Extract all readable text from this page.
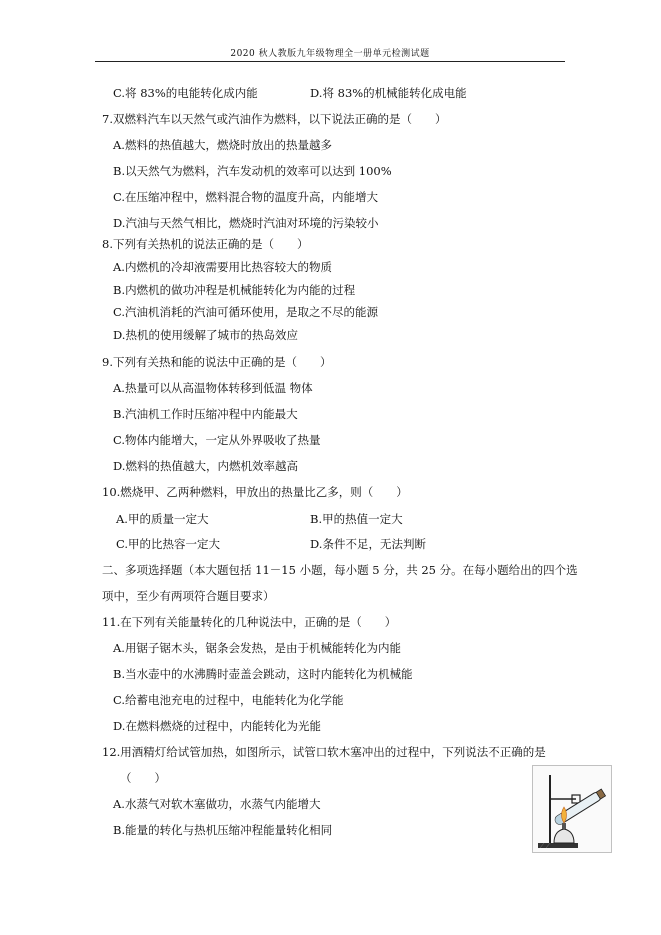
2020 秋人教版九年级物理全一册单元检测试题
C.将 83%的电能转化成内能	D.将 83%的机械能转化成电能
7.双燃料汽车以天然气或汽油作为燃料，以下说法正确的是（　　）
A.燃料的热值越大，燃烧时放出的热量越多
B.以天然气为燃料，汽车发动机的效率可以达到 100%
C.在压缩冲程中，燃料混合物的温度升高，内能增大
D.汽油与天然气相比，燃烧时汽油对环境的污染较小
8.下列有关热机的说法正确的是（　　）
A.内燃机的冷却液需要用比热容较大的物质
B.内燃机的做功冲程是机械能转化为内能的过程
C.汽油机消耗的汽油可循环使用，是取之不尽的能源
D.热机的使用缓解了城市的热岛效应
9.下列有关热和能的说法中正确的是（　　）
A.热量可以从高温物体转移到低温 物体
B.汽油机工作时压缩冲程中内能最大
C.物体内能增大，一定从外界吸收了热量
D.燃料的热值越大，内燃机效率越高
10.燃烧甲、乙两种燃料，甲放出的热量比乙多，则（　　）
A.甲的质量一定大	B.甲的热值一定大
C.甲的比热容一定大	D.条件不足，无法判断
二、多项选择题（本大题包括 11－15 小题，每小题 5 分，共 25 分。在每小题给出的四个选
项中，至少有两项符合题目要求）
11.在下列有关能量转化的几种说法中，正确的是（　　）
A.用锯子锯木头，锯条会发热，是由于机械能转化为内能
B.当水壶中的水沸腾时壶盖会跳动，这时内能转化为机械能
C.给蓄电池充电的过程中，电能转化为化学能
D.在燃料燃烧的过程中，内能转化为光能
12.用酒精灯给试管加热，如图所示，试管口软木塞冲出的过程中，下列说法不正确的是
（　　）
A.水蒸气对软木塞做功，水蒸气内能增大
B.能量的转化与热机压缩冲程能量转化相同
